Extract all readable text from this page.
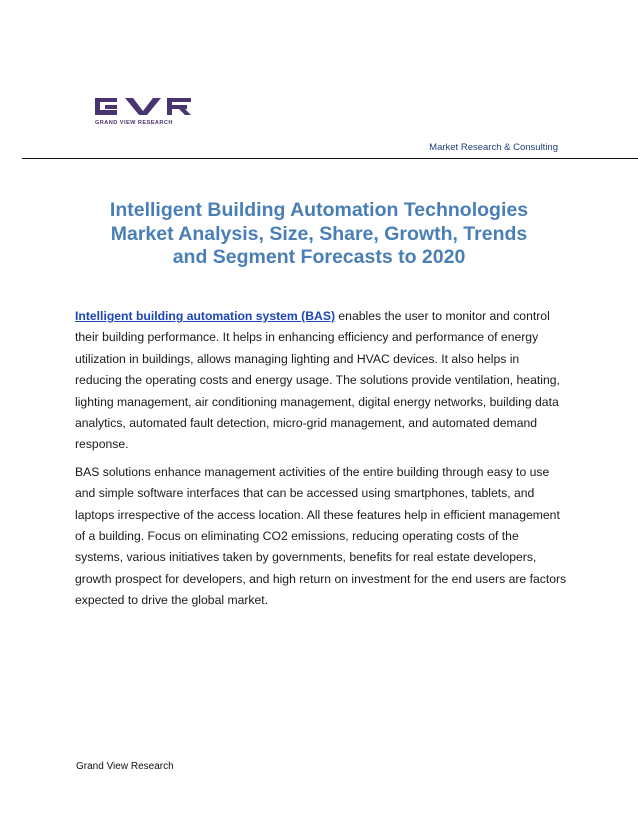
GRAND VIEW RESEARCH
Market Research & Consulting
Intelligent Building Automation Technologies
Market Analysis, Size, Share, Growth, Trends
and Segment Forecasts to 2020

Intelligent building automation system (BAS) enables the user to monitor and control their building performance. It helps in enhancing efficiency and performance of energy utilization in buildings, allows managing lighting and HVAC devices. It also helps in reducing the operating costs and energy usage. The solutions provide ventilation, heating, lighting management, air conditioning management, digital energy networks, building data analytics, automated fault detection, micro-grid management, and automated demand response.

BAS solutions enhance management activities of the entire building through easy to use and simple software interfaces that can be accessed using smartphones, tablets, and laptops irrespective of the access location. All these features help in efficient management of a building. Focus on eliminating CO2 emissions, reducing operating costs of the systems, various initiatives taken by governments, benefits for real estate developers, growth prospect for developers, and high return on investment for the end users are factors expected to drive the global market.

Grand View Research
